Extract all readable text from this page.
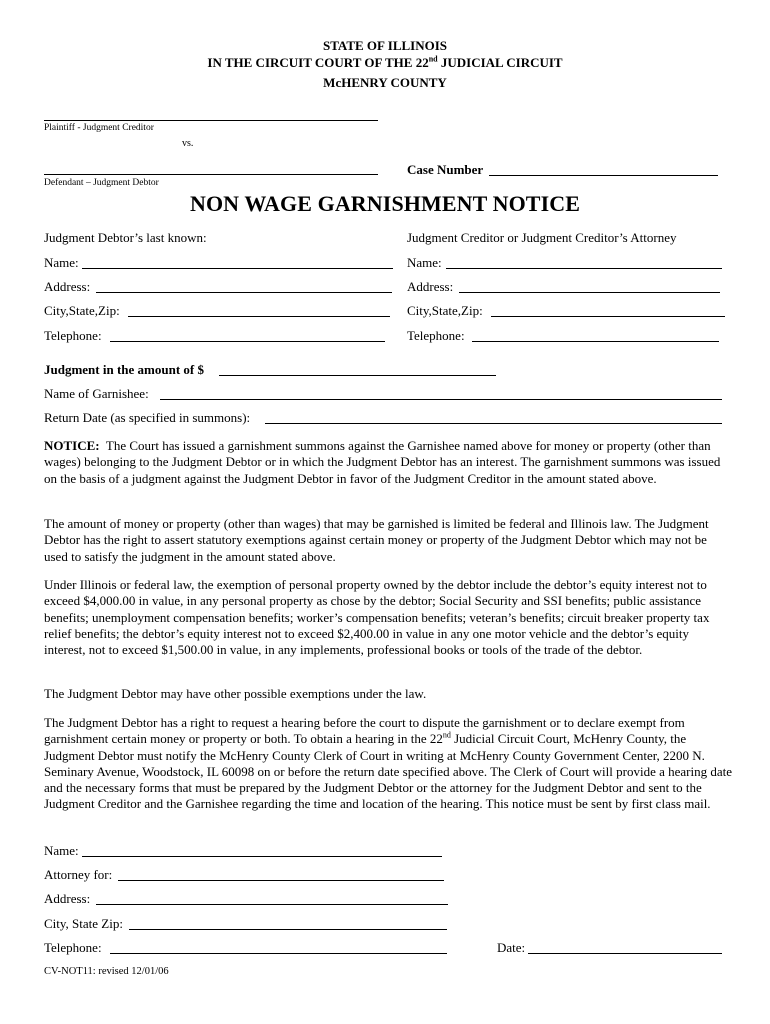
STATE OF ILLINOIS
IN THE CIRCUIT COURT OF THE 22nd JUDICIAL CIRCUIT
McHENRY COUNTY
Plaintiff - Judgment Creditor
vs.
Defendant – Judgment Debtor
Case Number
NON WAGE GARNISHMENT NOTICE
Judgment Debtor’s last known:	Judgment Creditor or Judgment Creditor’s Attorney
Name:	Name:
Address:	Address:
City,State,Zip:	City,State,Zip:
Telephone:	Telephone:
Judgment in the amount of $
Name of Garnishee:
Return Date (as specified in summons):

NOTICE: The Court has issued a garnishment summons against the Garnishee named above for money or property (other than wages) belonging to the Judgment Debtor or in which the Judgment Debtor has an interest. The garnishment summons was issued on the basis of a judgment against the Judgment Debtor in favor of the Judgment Creditor in the amount stated above.

The amount of money or property (other than wages) that may be garnished is limited be federal and Illinois law. The Judgment Debtor has the right to assert statutory exemptions against certain money or property of the Judgment Debtor which may not be used to satisfy the judgment in the amount stated above.

Under Illinois or federal law, the exemption of personal property owned by the debtor include the debtor’s equity interest not to exceed $4,000.00 in value, in any personal property as chose by the debtor; Social Security and SSI benefits; public assistance benefits; unemployment compensation benefits; worker’s compensation benefits; veteran’s benefits; circuit breaker property tax relief benefits; the debtor’s equity interest not to exceed $2,400.00 in value in any one motor vehicle and the debtor’s equity interest, not to exceed $1,500.00 in value, in any implements, professional books or tools of the trade of the debtor.

The Judgment Debtor may have other possible exemptions under the law.

The Judgment Debtor has a right to request a hearing before the court to dispute the garnishment or to declare exempt from garnishment certain money or property or both. To obtain a hearing in the 22nd Judicial Circuit Court, McHenry County, the Judgment Debtor must notify the McHenry County Clerk of Court in writing at McHenry County Government Center, 2200 N. Seminary Avenue, Woodstock, IL 60098 on or before the return date specified above. The Clerk of Court will provide a hearing date and the necessary forms that must be prepared by the Judgment Debtor or the attorney for the Judgment Debtor and sent to the Judgment Creditor and the Garnishee regarding the time and location of the hearing. This notice must be sent by first class mail.

Name:
Attorney for:
Address:
City, State Zip:
Telephone:	Date:
CV-NOT11: revised 12/01/06
